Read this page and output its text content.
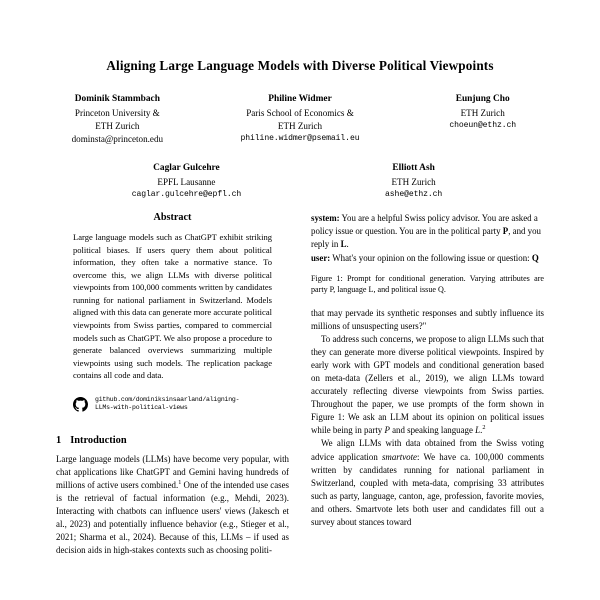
Aligning Large Language Models with Diverse Political Viewpoints
Dominik Stammbach
Princeton University &
ETH Zurich
dominsta@princeton.edu
Philine Widmer
Paris School of Economics &
ETH Zurich
philine.widmer@psemail.eu
Eunjung Cho
ETH Zurich
choeun@ethz.ch
Caglar Gulcehre
EPFL Lausanne
caglar.gulcehre@epfl.ch
Elliott Ash
ETH Zurich
ashe@ethz.ch
Abstract

Large language models such as ChatGPT exhibit striking political biases. If users query them about political information, they often take a normative stance. To overcome this, we align LLMs with diverse political viewpoints from 100,000 comments written by candidates running for national parliament in Switzerland. Models aligned with this data can generate more accurate political viewpoints from Swiss parties, compared to commercial models such as ChatGPT. We also propose a procedure to generate balanced overviews summarizing multiple viewpoints using such models. The replication package contains all code and data.

github.com/dominiksinsaarland/aligning-
LLMs-with-political-views
1 Introduction

Large language models (LLMs) have become very popular, with chat applications like ChatGPT and Gemini having hundreds of millions of active users combined.$^1$ One of the intended use cases is the retrieval of factual information (e.g., Mehdi, 2023). Interacting with chatbots can influence users' views (Jakesch et al., 2023) and potentially influence behavior (e.g., Stieger et al., 2021; Sharma et al., 2024). Because of this, LLMs – if used as decision aids in high-stakes contexts such as choosing politi-

system: You are a helpful Swiss policy advisor. You are asked a policy issue or question. You are in the political party P, and you reply in L.
user: What's your opinion on the following issue or question: Q

Figure 1: Prompt for conditional generation. Varying attributes are party P, language L, and political issue Q.

that may pervade its synthetic responses and subtly influence its millions of unsuspecting users?"

To address such concerns, we propose to align LLMs such that they can generate more diverse political viewpoints. Inspired by early work with GPT models and conditional generation based on meta-data (Zellers et al., 2019), we align LLMs toward accurately reflecting diverse viewpoints from Swiss parties. Throughout the paper, we use prompts of the form shown in Figure 1: We ask an LLM about its opinion on political issues while being in party P and speaking language L.$^2$

We align LLMs with data obtained from the Swiss voting advice application smartvote: We have ca. 100,000 comments written by candidates running for national parliament in Switzerland, coupled with meta-data, comprising 33 attributes such as party, language, canton, age, profession, favorite movies, and others. Smartvote lets both user and candidates fill out a survey about stances toward
